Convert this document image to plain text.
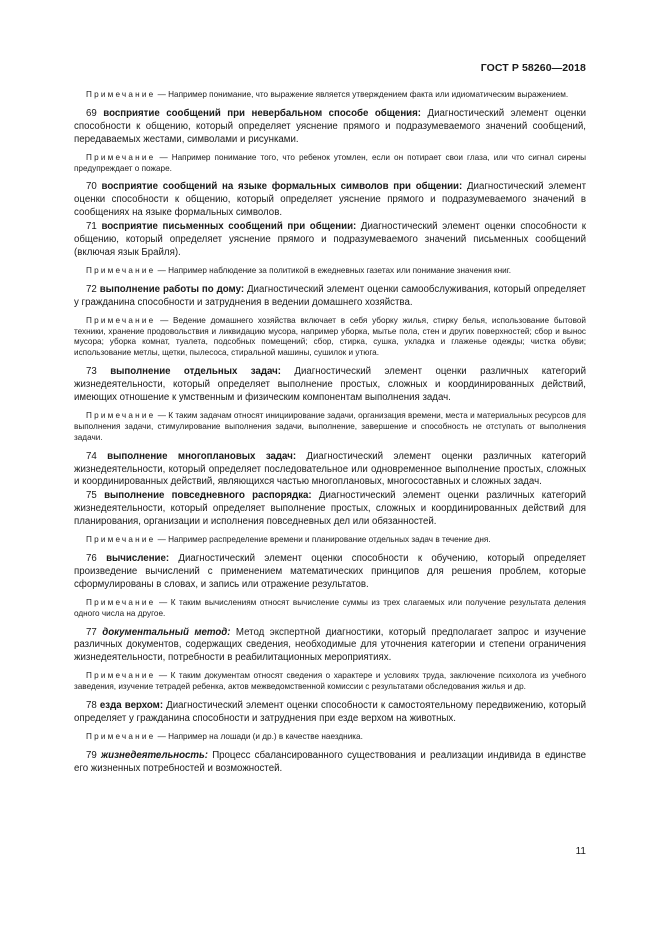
ГОСТ Р 58260—2018

Примечание — Например понимание, что выражение является утверждением факта или идиоматическим выражением.

69 восприятие сообщений при невербальном способе общения: Диагностический элемент оценки способности к общению, который определяет уяснение прямого и подразумеваемого значений сообщений, передаваемых жестами, символами и рисунками.

Примечание — Например понимание того, что ребенок утомлен, если он потирает свои глаза, или что сигнал сирены предупреждает о пожаре.

70 восприятие сообщений на языке формальных символов при общении: Диагностический элемент оценки способности к общению, который определяет уяснение прямого и подразумеваемого значений в сообщениях на языке формальных символов.

71 восприятие письменных сообщений при общении: Диагностический элемент оценки способности к общению, который определяет уяснение прямого и подразумеваемого значений письменных сообщений (включая язык Брайля).

Примечание — Например наблюдение за политикой в ежедневных газетах или понимание значения книг.

72 выполнение работы по дому: Диагностический элемент оценки самообслуживания, который определяет у гражданина способности и затруднения в ведении домашнего хозяйства.

Примечание — Ведение домашнего хозяйства включает в себя уборку жилья, стирку белья, использование бытовой техники, хранение продовольствия и ликвидацию мусора, например уборка, мытье пола, стен и других поверхностей; сбор и вынос мусора; уборка комнат, туалета, подсобных помещений; сбор, стирка, сушка, укладка и глаженье одежды; чистка обуви; использование метлы, щетки, пылесоса, стиральной машины, сушилок и утюга.

73 выполнение отдельных задач: Диагностический элемент оценки различных категорий жизнедеятельности, который определяет выполнение простых, сложных и координированных действий, имеющих отношение к умственным и физическим компонентам выполнения задач.

Примечание — К таким задачам относят инициирование задачи, организация времени, места и материальных ресурсов для выполнения задачи, стимулирование выполнения задачи, выполнение, завершение и способность не отступать от выполнения задачи.

74 выполнение многоплановых задач: Диагностический элемент оценки различных категорий жизнедеятельности, который определяет последовательное или одновременное выполнение простых, сложных и координированных действий, являющихся частью многоплановых, многосоставных и сложных задач.

75 выполнение повседневного распорядка: Диагностический элемент оценки различных категорий жизнедеятельности, который определяет выполнение простых, сложных и координированных действий для планирования, организации и исполнения повседневных дел или обязанностей.

Примечание — Например распределение времени и планирование отдельных задач в течение дня.

76 вычисление: Диагностический элемент оценки способности к обучению, который определяет произведение вычислений с применением математических принципов для решения проблем, которые сформулированы в словах, и запись или отражение результатов.

Примечание — К таким вычислениям относят вычисление суммы из трех слагаемых или получение результата деления одного числа на другое.

77 документальный метод: Метод экспертной диагностики, который предполагает запрос и изучение различных документов, содержащих сведения, необходимые для уточнения категории и степени ограничения жизнедеятельности, потребности в реабилитационных мероприятиях.

Примечание — К таким документам относят сведения о характере и условиях труда, заключение психолога из учебного заведения, изучение тетрадей ребенка, актов межведомственной комиссии с результатами обследования жилья и др.

78 езда верхом: Диагностический элемент оценки способности к самостоятельному передвижению, который определяет у гражданина способности и затруднения при езде верхом на животных.

Примечание — Например на лошади (и др.) в качестве наездника.

79 жизнедеятельность: Процесс сбалансированного существования и реализации индивида в единстве его жизненных потребностей и возможностей.

11
